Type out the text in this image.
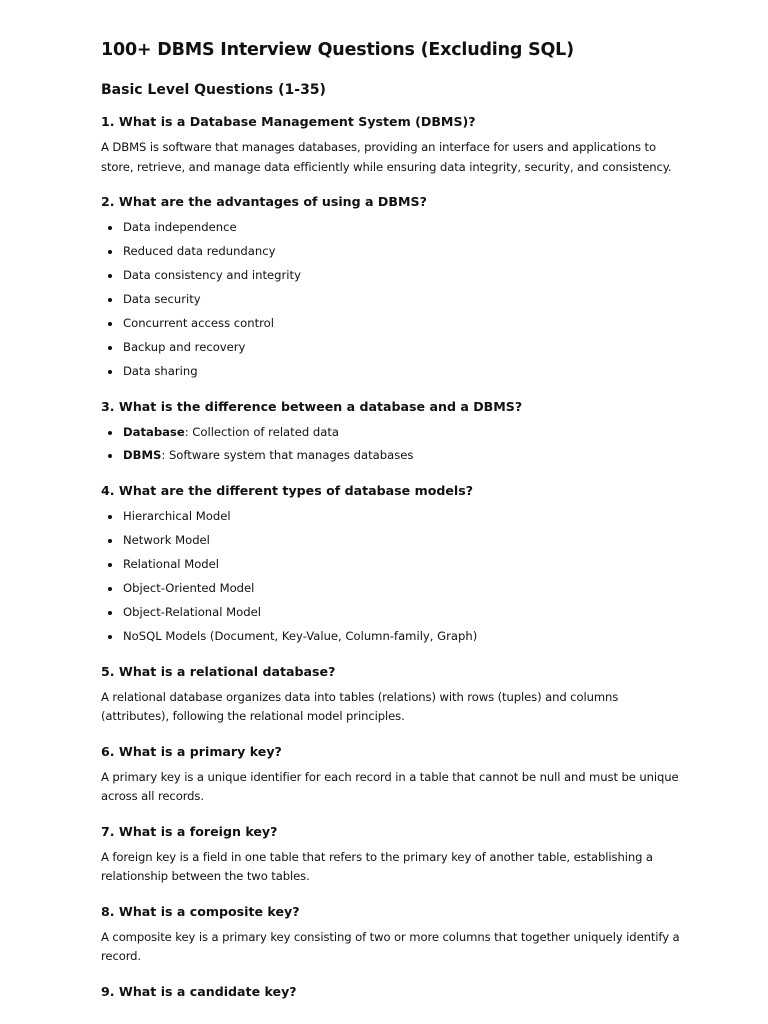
100+ DBMS Interview Questions (Excluding SQL)
Basic Level Questions (1-35)
1. What is a Database Management System (DBMS)?

A DBMS is software that manages databases, providing an interface for users and applications to store, retrieve, and manage data efficiently while ensuring data integrity, security, and consistency.

2. What are the advantages of using a DBMS?
Data independence
Reduced data redundancy
Data consistency and integrity
Data security
Concurrent access control
Backup and recovery
Data sharing
3. What is the difference between a database and a DBMS?
Database: Collection of related data
DBMS: Software system that manages databases
4. What are the different types of database models?
Hierarchical Model
Network Model
Relational Model
Object-Oriented Model
Object-Relational Model
NoSQL Models (Document, Key-Value, Column-family, Graph)
5. What is a relational database?

A relational database organizes data into tables (relations) with rows (tuples) and columns (attributes), following the relational model principles.

6. What is a primary key?

A primary key is a unique identifier for each record in a table that cannot be null and must be unique across all records.

7. What is a foreign key?

A foreign key is a field in one table that refers to the primary key of another table, establishing a relationship between the two tables.

8. What is a composite key?

A composite key is a primary key consisting of two or more columns that together uniquely identify a record.

9. What is a candidate key?
